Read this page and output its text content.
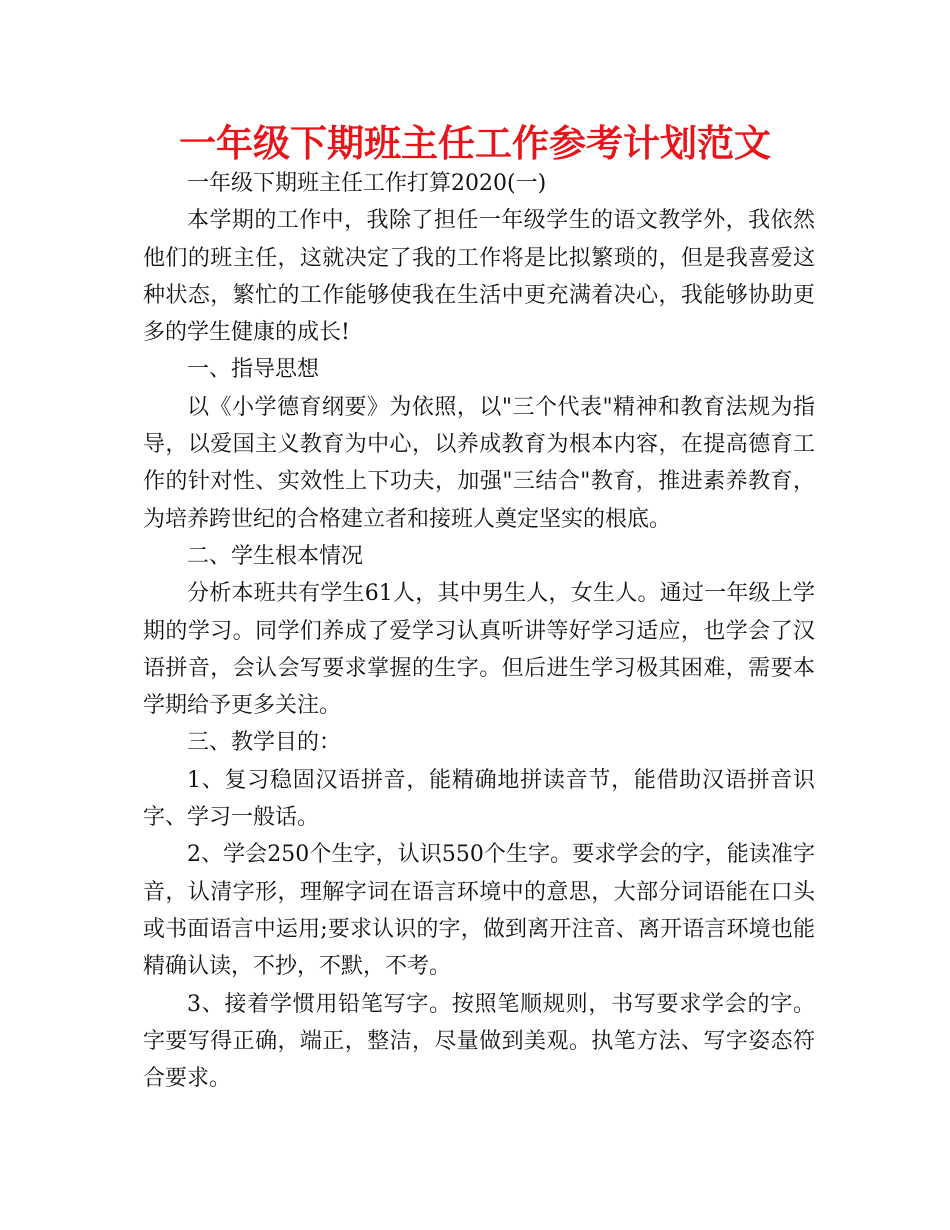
一年级下期班主任工作参考计划范文

一年级下期班主任工作打算2020(一)

本学期的工作中，我除了担任一年级学生的语文教学外，我依然他们的班主任，这就决定了我的工作将是比拟繁琐的，但是我喜爱这种状态，繁忙的工作能够使我在生活中更充满着决心，我能够协助更多的学生健康的成长!

一、指导思想

以《小学德育纲要》为依照，以"三个代表"精神和教育法规为指导，以爱国主义教育为中心，以养成教育为根本内容，在提高德育工作的针对性、实效性上下功夫，加强"三结合"教育，推进素养教育，为培养跨世纪的合格建立者和接班人奠定坚实的根底。

二、学生根本情况

分析本班共有学生61人，其中男生人，女生人。通过一年级上学期的学习。同学们养成了爱学习认真听讲等好学习适应，也学会了汉语拼音，会认会写要求掌握的生字。但后进生学习极其困难，需要本学期给予更多关注。

三、教学目的：

1、复习稳固汉语拼音，能精确地拼读音节，能借助汉语拼音识字、学习一般话。

2、学会250个生字，认识550个生字。要求学会的字，能读准字音，认清字形，理解字词在语言环境中的意思，大部分词语能在口头或书面语言中运用;要求认识的字，做到离开注音、离开语言环境也能精确认读，不抄，不默，不考。

3、接着学惯用铅笔写字。按照笔顺规则，书写要求学会的字。字要写得正确，端正，整洁，尽量做到美观。执笔方法、写字姿态符合要求。
